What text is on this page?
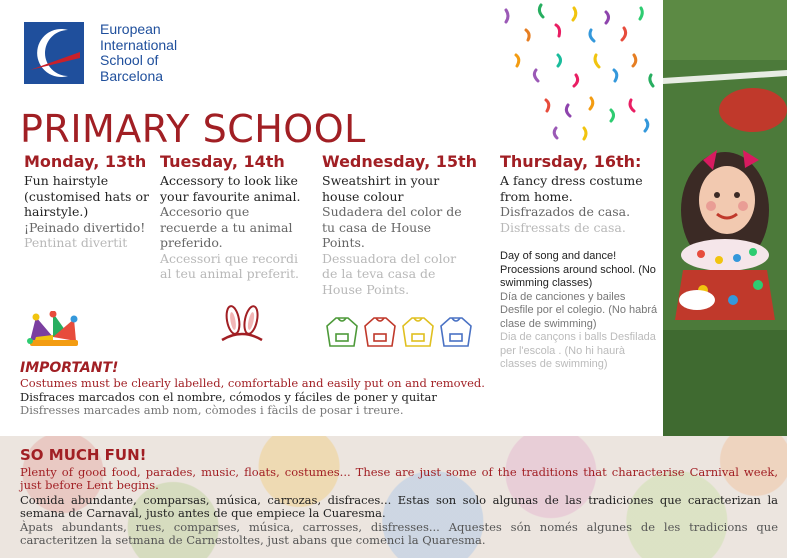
European
International
School of
Barcelona
PRIMARY SCHOOL
Monday, 13th
Fun hairstyle (customised hats or hairstyle.)
¡Peinado divertido!
Pentinat divertit
Tuesday, 14th
Accessory to look like your favourite animal.
Accesorio que recuerde a tu animal preferido.
Accessori que recordi al teu animal preferit.
Wednesday, 15th
Sweatshirt in your house colour
Sudadera del color de tu casa de House Points.
Dessuadora del color de la teva casa de House Points.
Thursday, 16th:
A fancy dress costume from home.
Disfrazados de casa.
Disfressats de casa.
Day of song and dance! Processions around school. (No swimming classes)
Día de canciones y bailes Desfile por el colegio. (No habrá clase de swimming)
Dia de cançons i balls Desfilada per l'escola . (No hi haurà classes de swimming)
IMPORTANT!
Costumes must be clearly labelled, comfortable and easily put on and removed.
Disfraces marcados con el nombre, cómodos y fáciles de poner y quitar
Disfresses marcades amb nom, còmodes i fàcils de posar i treure.
SO MUCH FUN!

Plenty of good food, parades, music, floats, costumes... These are just some of the traditions that characterise Carnival week, just before Lent begins.

Comida abundante, comparsas, música, carrozas, disfraces... Estas son solo algunas de las tradiciones que caracterizan la semana de Carnaval, justo antes de que empiece la Cuaresma.

Àpats abundants, rues, comparses, música, carrosses, disfresses... Aquestes són només algunes de les tradicions que caracteritzen la setmana de Carnestoltes, just abans que comenci la Quaresma.
